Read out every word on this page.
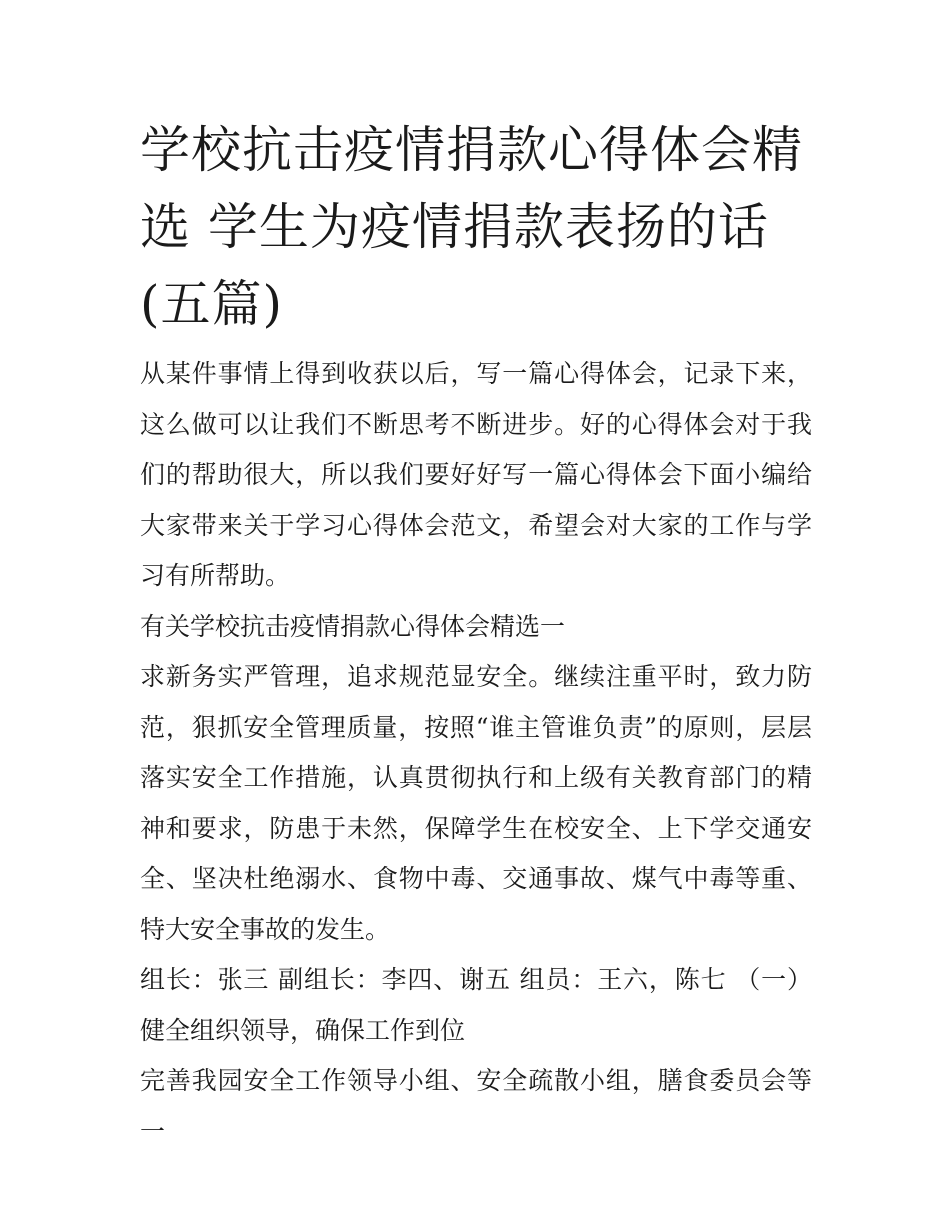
学校抗击疫情捐款心得体会精选 学生为疫情捐款表扬的话(五篇)

从某件事情上得到收获以后，写一篇心得体会，记录下来，这么做可以让我们不断思考不断进步。好的心得体会对于我们的帮助很大，所以我们要好好写一篇心得体会下面小编给大家带来关于学习心得体会范文，希望会对大家的工作与学习有所帮助。

有关学校抗击疫情捐款心得体会精选一

求新务实严管理，追求规范显安全。继续注重平时，致力防范，狠抓安全管理质量，按照“谁主管谁负责”的原则，层层落实安全工作措施，认真贯彻执行和上级有关教育部门的精神和要求，防患于未然，保障学生在校安全、上下学交通安全、坚决杜绝溺水、食物中毒、交通事故、煤气中毒等重、特大安全事故的发生。

组长：张三 副组长：李四、谢五 组员：王六，陈七 （一）健全组织领导，确保工作到位

完善我园安全工作领导小组、安全疏散小组，膳食委员会等一
